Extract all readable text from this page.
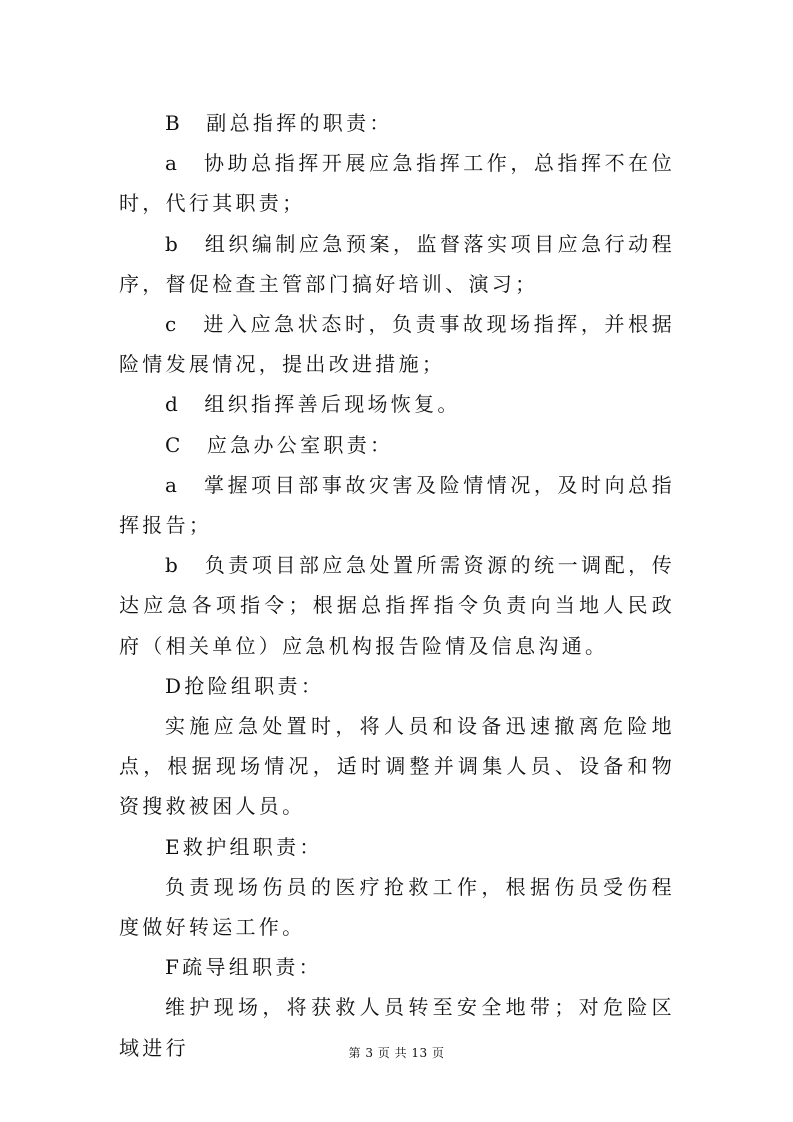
B　副总指挥的职责：

a　协助总指挥开展应急指挥工作，总指挥不在位时，代行其职责；

b　组织编制应急预案，监督落实项目应急行动程序，督促检查主管部门搞好培训、演习；

c　进入应急状态时，负责事故现场指挥，并根据险情发展情况，提出改进措施；

d　组织指挥善后现场恢复。

C　应急办公室职责：

a　掌握项目部事故灾害及险情情况，及时向总指挥报告；

b　负责项目部应急处置所需资源的统一调配，传达应急各项指令；根据总指挥指令负责向当地人民政府（相关单位）应急机构报告险情及信息沟通。

D抢险组职责：

实施应急处置时，将人员和设备迅速撤离危险地点，根据现场情况，适时调整并调集人员、设备和物资搜救被困人员。

E救护组职责：

负责现场伤员的医疗抢救工作，根据伤员受伤程度做好转运工作。

F疏导组职责：

维护现场，将获救人员转至安全地带；对危险区域进行	第 3 页 共 13 页
